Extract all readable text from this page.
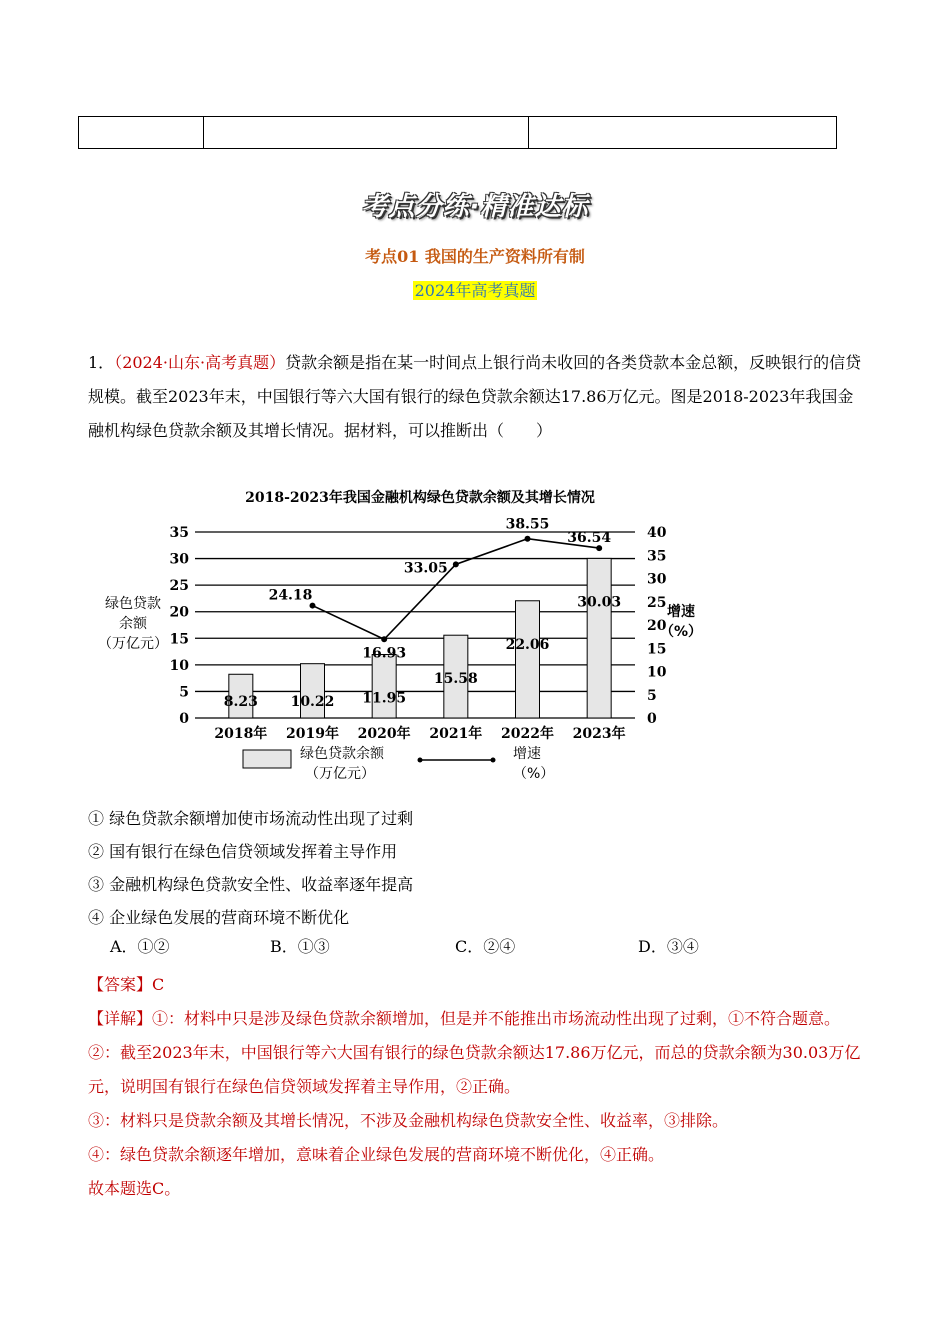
考点分练·精准达标
考点01 我国的生产资料所有制
2024年高考真题
1．（2024·山东·高考真题）贷款余额是指在某一时间点上银行尚未收回的各类贷款本金总额，反映银行的信贷规模。截至2023年末，中国银行等六大国有银行的绿色贷款余额达17.86万亿元。图是2018-2023年我国金融机构绿色贷款余额及其增长情况。据材料，可以推断出（　　）
2018-2023年我国金融机构绿色贷款余额及其增长情况
0
5
10
15
20
25
30
35
0
5
10
15
20
25
30
35
40
绿色贷款余额（万亿元）
增速（%）
8.23 10.22 11.95
15.58
22.06
30.03
24.18
16.93
33.05
38.55
36.54
2018年 2019年 2020年 2021年 2022年 2023年
绿色贷款余额
（万亿元）
增速
（%）
① 绿色贷款余额增加使市场流动性出现了过剩
② 国有银行在绿色信贷领域发挥着主导作用
③ 金融机构绿色贷款安全性、收益率逐年提高
④ 企业绿色发展的营商环境不断优化
A．①②	B．①③	C．②④	D．③④
【答案】C
【详解】①：材料中只是涉及绿色贷款余额增加，但是并不能推出市场流动性出现了过剩，①不符合题意。
②：截至2023年末，中国银行等六大国有银行的绿色贷款余额达17.86万亿元，而总的贷款余额为30.03万亿元，说明国有银行在绿色信贷领域发挥着主导作用，②正确。
③：材料只是贷款余额及其增长情况，不涉及金融机构绿色贷款安全性、收益率，③排除。
④：绿色贷款余额逐年增加，意味着企业绿色发展的营商环境不断优化，④正确。
故本题选C。
